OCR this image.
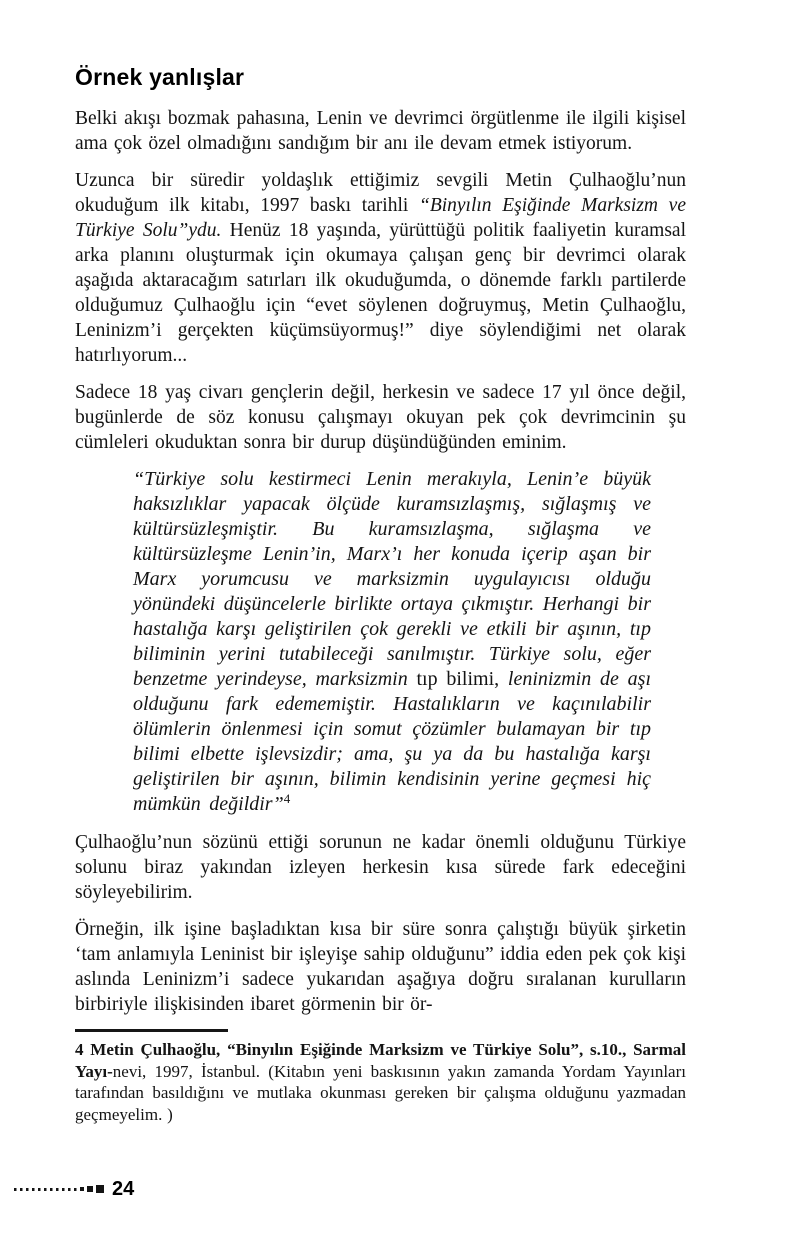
Örnek yanlışlar

Belki akışı bozmak pahasına, Lenin ve devrimci örgütlenme ile ilgili kişisel ama çok özel olmadığını sandığım bir anı ile devam etmek istiyorum.

Uzunca bir süredir yoldaşlık ettiğimiz sevgili Metin Çulhaoğlu’nun okuduğum ilk kitabı, 1997 baskı tarihli “Binyılın Eşiğinde Marksizm ve Türkiye Solu”ydu. Henüz 18 yaşında, yürüttüğü politik faaliyetin kuramsal arka planını oluşturmak için okumaya çalışan genç bir devrimci olarak aşağıda aktaracağım satırları ilk okuduğumda, o dönemde farklı partilerde olduğumuz Çulhaoğlu için “evet söylenen doğruymuş, Metin Çulhaoğlu, Leninizm’i gerçekten küçümsüyormuş!” diye söylendiğimi net olarak hatırlıyorum...

Sadece 18 yaş civarı gençlerin değil, herkesin ve sadece 17 yıl önce değil, bugünlerde de söz konusu çalışmayı okuyan pek çok devrimcinin şu cümleleri okuduktan sonra bir durup düşündüğünden eminim.

“Türkiye solu kestirmeci Lenin merakıyla, Lenin’e büyük haksızlıklar yapacak ölçüde kuramsızlaşmış, sığlaşmış ve kültürsüzleşmiştir. Bu kuramsızlaşma, sığlaşma ve kültürsüzleşme Lenin’in, Marx’ı her konuda içerip aşan bir Marx yorumcusu ve marksizmin uygulayıcısı olduğu yönündeki düşüncelerle birlikte ortaya çıkmıştır. Herhangi bir hastalığa karşı geliştirilen çok gerekli ve etkili bir aşının, tıp biliminin yerini tutabileceği sanılmıştır. Türkiye solu, eğer benzetme yerindeyse, marksizmin tıp bilimi, leninizmin de aşı olduğunu fark edememiştir. Hastalıkların ve kaçınılabilir ölümlerin önlenmesi için somut çözümler bulamayan bir tıp bilimi elbette işlevsizdir; ama, şu ya da bu hastalığa karşı geliştirilen bir aşının, bilimin kendisinin yerine geçmesi hiç mümkün değildir”$^4$

Çulhaoğlu’nun sözünü ettiği sorunun ne kadar önemli olduğunu Türkiye solunu biraz yakından izleyen herkesin kısa sürede fark edeceğini söyleyebilirim.

Örneğin, ilk işine başladıktan kısa bir süre sonra çalıştığı büyük şirketin ‘tam anlamıyla Leninist bir işleyişe sahip olduğunu” iddia eden pek çok kişi aslında Leninizm’i sadece yukarıdan aşağıya doğru sıralanan kurulların birbiriyle ilişkisinden ibaret görmenin bir ör-

4 Metin Çulhaoğlu, “Binyılın Eşiğinde Marksizm ve Türkiye Solu”, s.10., Sarmal Yayı-nevi, 1997, İstanbul. (Kitabın yeni baskısının yakın zamanda Yordam Yayınları tarafından basıldığını ve mutlaka okunması gereken bir çalışma olduğunu yazmadan geçmeyelim. )

24
